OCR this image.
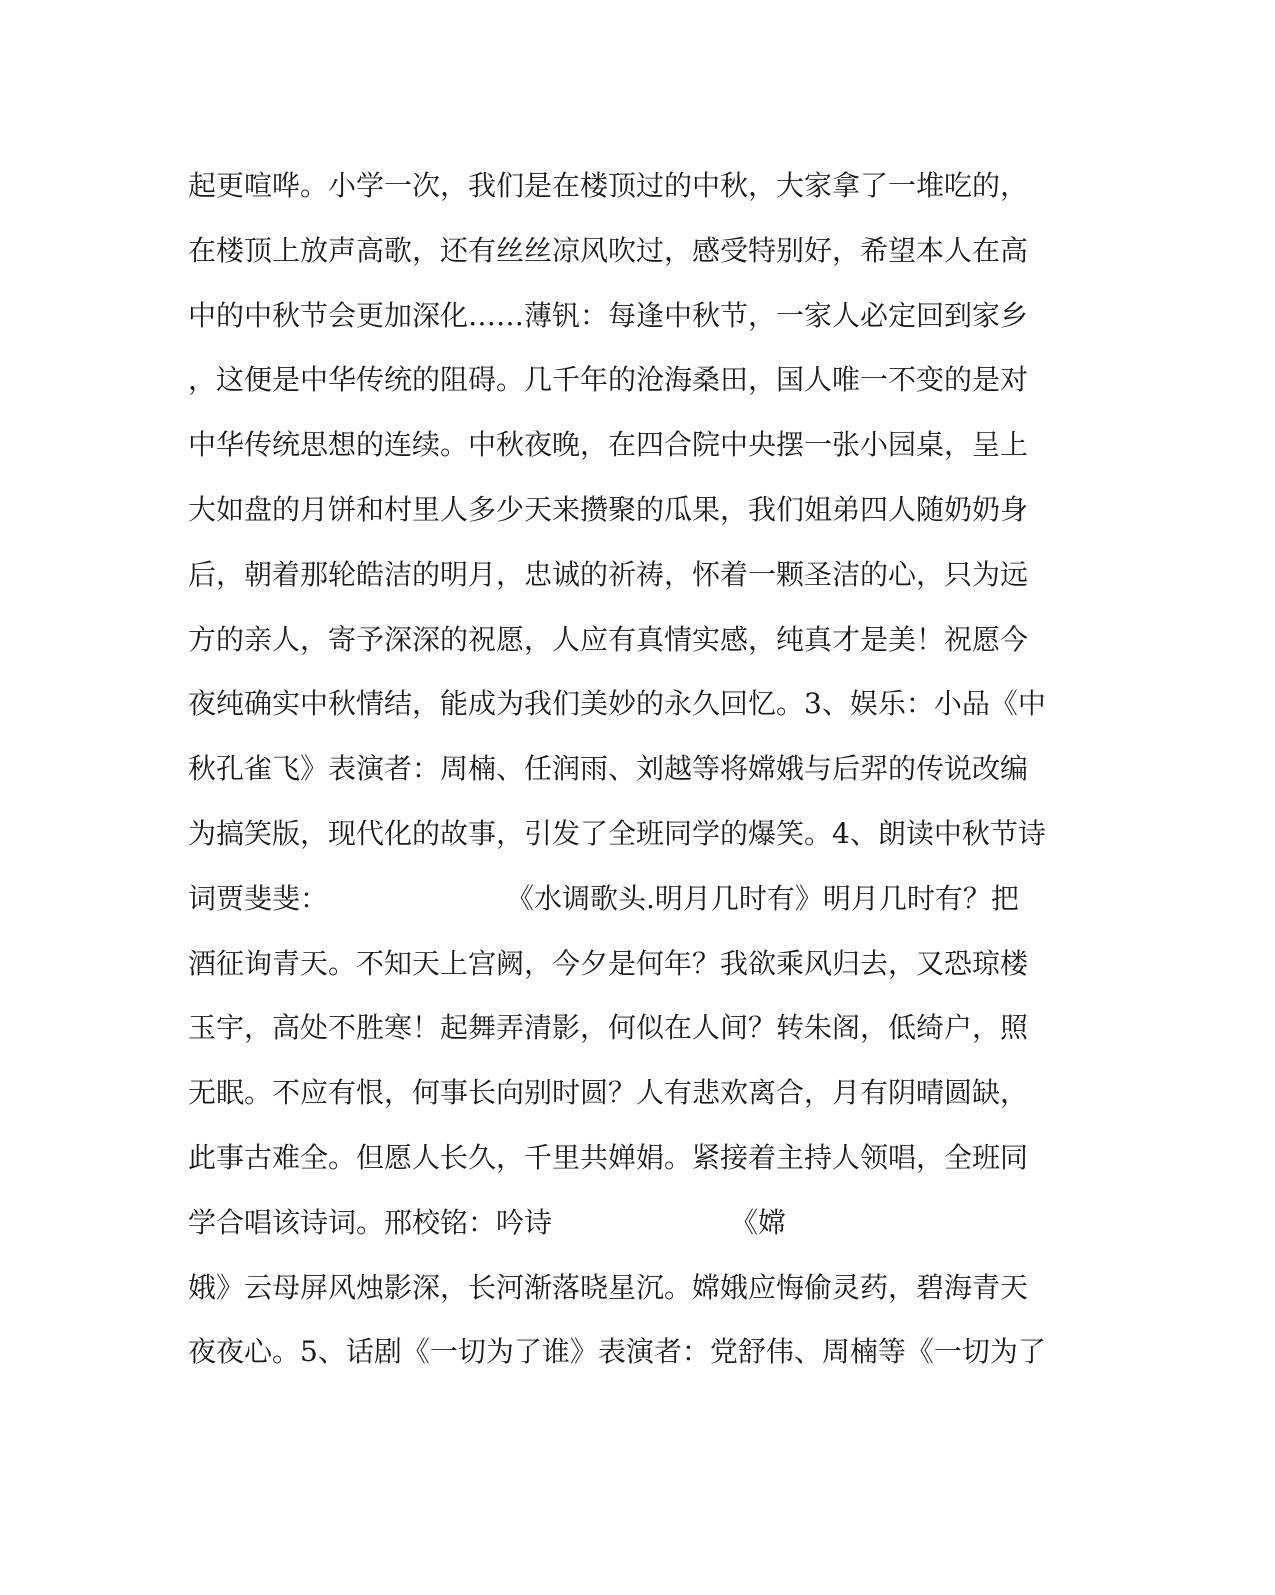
起更喧哗。小学一次，我们是在楼顶过的中秋，大家拿了一堆吃的，
在楼顶上放声高歌，还有丝丝凉风吹过，感受特别好，希望本人在高
中的中秋节会更加深化……薄钒：每逢中秋节，一家人必定回到家乡
，这便是中华传统的阻碍。几千年的沧海桑田，国人唯一不变的是对
中华传统思想的连续。中秋夜晚，在四合院中央摆一张小园桌，呈上
大如盘的月饼和村里人多少天来攒聚的瓜果，我们姐弟四人随奶奶身
后，朝着那轮皓洁的明月，忠诚的祈祷，怀着一颗圣洁的心，只为远
方的亲人，寄予深深的祝愿，人应有真情实感，纯真才是美！祝愿今
夜纯确实中秋情结，能成为我们美妙的永久回忆。3、娱乐：小品《中
秋孔雀飞》表演者：周楠、任润雨、刘越等将嫦娥与后羿的传说改编
为搞笑版，现代化的故事，引发了全班同学的爆笑。4、朗读中秋节诗
词贾斐斐：                    《水调歌头.明月几时有》明月几时有？把
酒征询青天。不知天上宫阙，今夕是何年？我欲乘风归去，又恐琼楼
玉宇，高处不胜寒！起舞弄清影，何似在人间？转朱阁，低绮户，照
无眠。不应有恨，何事长向别时圆？人有悲欢离合，月有阴晴圆缺，
此事古难全。但愿人长久，千里共婵娟。紧接着主持人领唱，全班同
学合唱该诗词。邢校铭：吟诗                    《嫦
娥》云母屏风烛影深，长河渐落晓星沉。嫦娥应悔偷灵药，碧海青天
夜夜心。5、话剧《一切为了谁》表演者：党舒伟、周楠等《一切为了
